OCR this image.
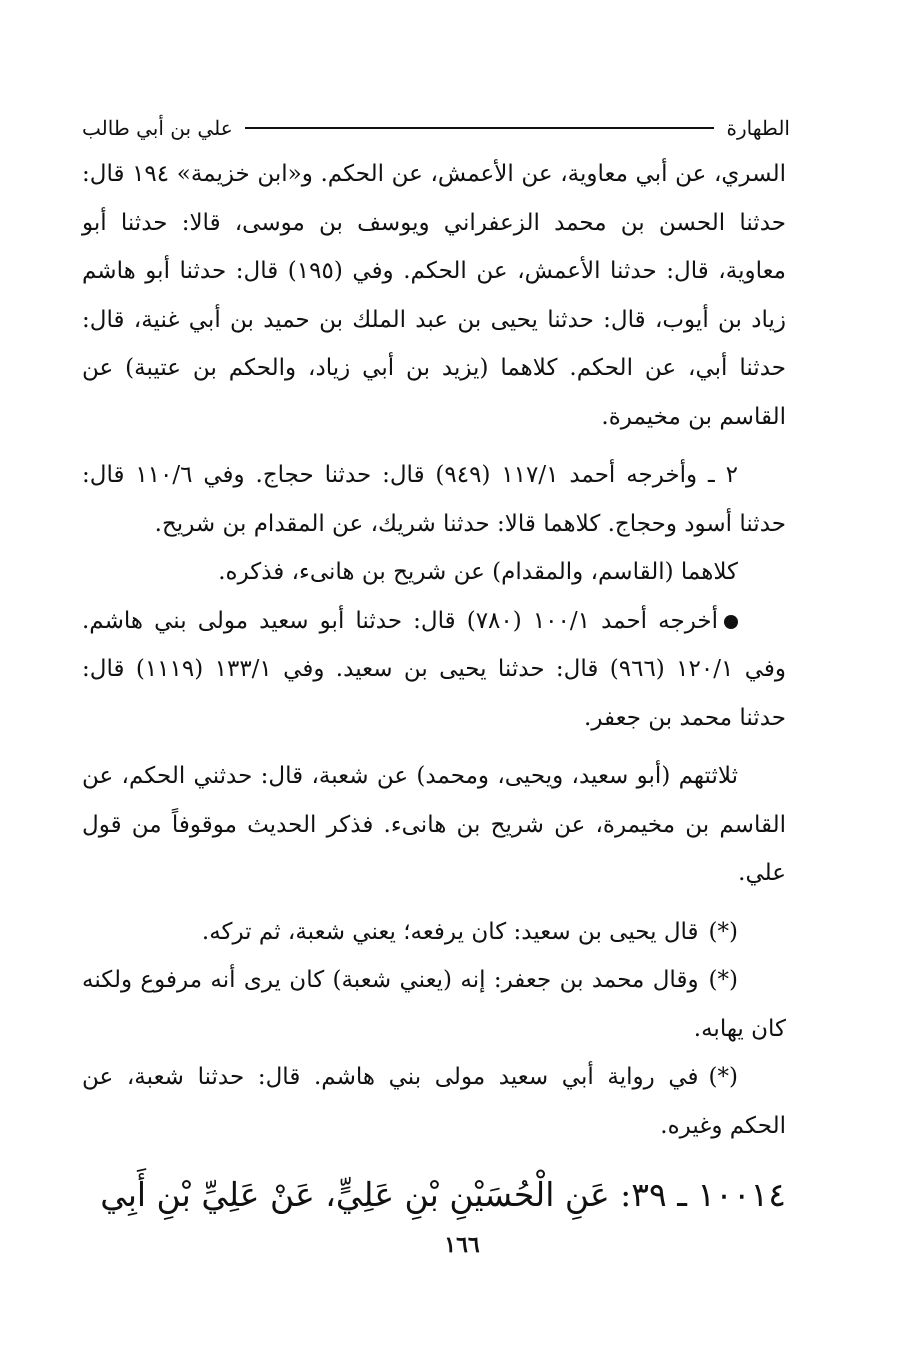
الطهارة
علي بن أبي طالب

السري، عن أبي معاوية، عن الأعمش، عن الحكم. و«ابن خزيمة» ١٩٤ قال: حدثنا الحسن بن محمد الزعفراني ويوسف بن موسى، قالا: حدثنا أبو معاوية، قال: حدثنا الأعمش، عن الحكم. وفي (١٩٥) قال: حدثنا أبو هاشم زياد بن أيوب، قال: حدثنا يحيى بن عبد الملك بن حميد بن أبي غنية، قال: حدثنا أبي، عن الحكم. كلاهما (يزيد بن أبي زياد، والحكم بن عتيبة) عن القاسم بن مخيمرة.

٢ ـ وأخرجه أحمد ١١٧/١ (٩٤٩) قال: حدثنا حجاج. وفي ١١٠/٦ قال: حدثنا أسود وحجاج. كلاهما قالا: حدثنا شريك، عن المقدام بن شريح.

كلاهما (القاسم، والمقدام) عن شريح بن هانىء، فذكره.

أخرجه أحمد ١٠٠/١ (٧٨٠) قال: حدثنا أبو سعيد مولى بني هاشم. وفي ١٢٠/١ (٩٦٦) قال: حدثنا يحيى بن سعيد. وفي ١٣٣/١ (١١١٩) قال: حدثنا محمد بن جعفر.

ثلاثتهم (أبو سعيد، ويحيى، ومحمد) عن شعبة، قال: حدثني الحكم، عن القاسم بن مخيمرة، عن شريح بن هانىء. فذكر الحديث موقوفاً من قول علي.

(*)قال يحيى بن سعيد: كان يرفعه؛ يعني شعبة، ثم تركه.

(*)وقال محمد بن جعفر: إنه (يعني شعبة) كان يرى أنه مرفوع ولكنه كان يهابه.

(*)في رواية أبي سعيد مولى بني هاشم. قال: حدثنا شعبة، عن الحكم وغيره.

١٠٠١٤ ـ ٣٩: عَنِ الْحُسَيْنِ بْنِ عَلِيٍّ، عَنْ عَلِيِّ بْنِ أَبِي
١٦٦
